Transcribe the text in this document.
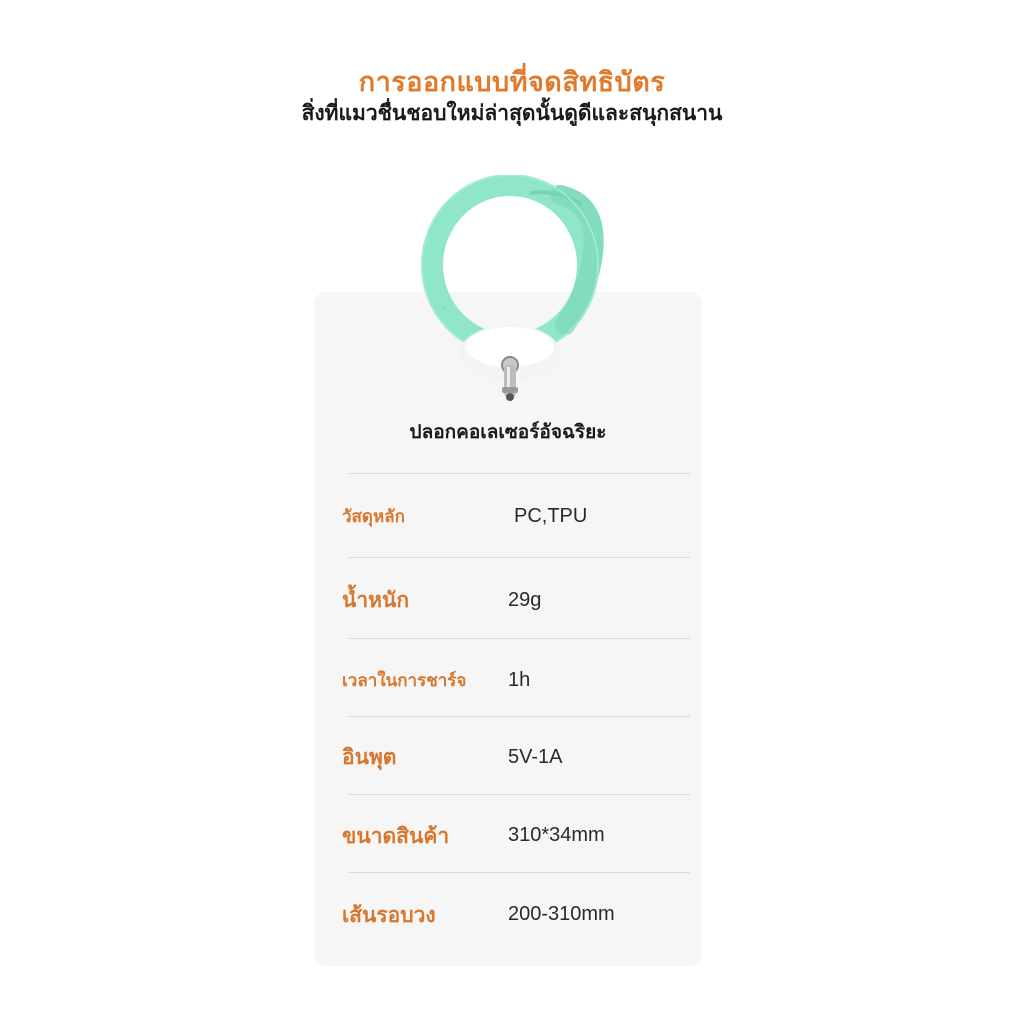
การออกแบบที่จดสิทธิบัตร
สิ่งที่แมวชื่นชอบใหม่ล่าสุดนั้นดูดีและสนุกสนาน
ปลอกคอเลเซอร์อัจฉริยะ
วัสดุหลัก	PC,TPU
น้ำหนัก	29g
เวลาในการชาร์จ 1h
อินพุต	5V-1A
ขนาดสินค้า	310*34mm
เส้นรอบวง	200-310mm
